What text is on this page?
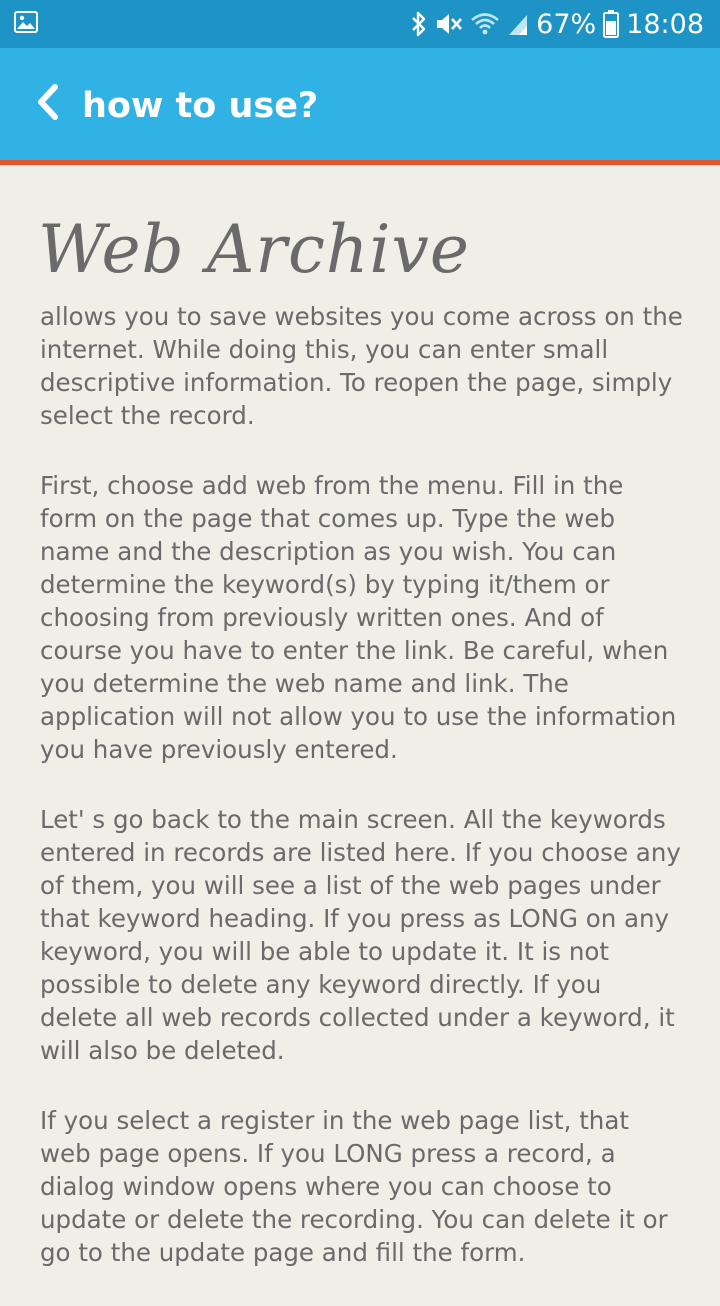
67% 18:08
how to use?
Web Archive

allows you to save websites you come across on the internet. While doing this, you can enter small descriptive information. To reopen the page, simply select the record.

First, choose add web from the menu. Fill in the form on the page that comes up. Type the web name and the description as you wish. You can determine the keyword(s) by typing it/them or choosing from previously written ones. And of course you have to enter the link. Be careful, when you determine the web name and link. The application will not allow you to use the information you have previously entered.

Let' s go back to the main screen. All the keywords entered in records are listed here. If you choose any of them, you will see a list of the web pages under that keyword heading. If you press as LONG on any keyword, you will be able to update it. It is not possible to delete any keyword directly. If you delete all web records collected under a keyword, it will also be deleted.

If you select a register in the web page list, that web page opens. If you LONG press a record, a dialog window opens where you can choose to update or delete the recording. You can delete it or go to the update page and fill the form.
